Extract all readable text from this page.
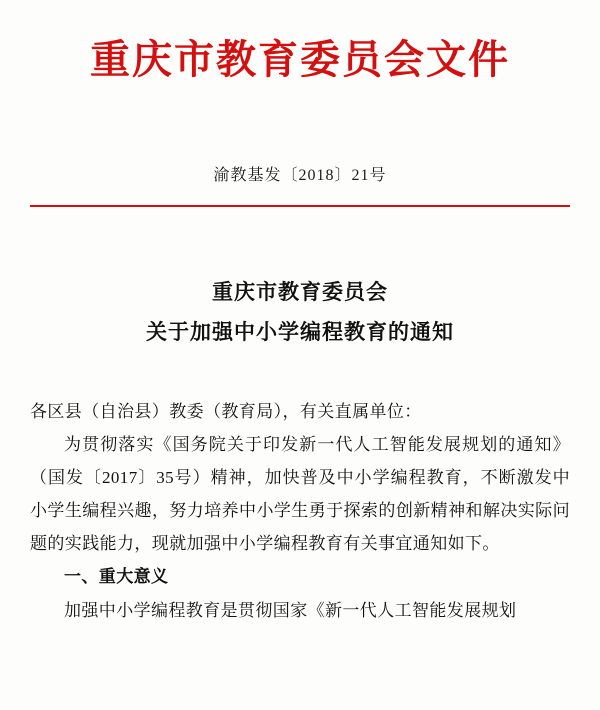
重庆市教育委员会文件
渝教基发〔2018〕21号
重庆市教育委员会
关于加强中小学编程教育的通知

各区县（自治县）教委（教育局），有关直属单位：

为贯彻落实《国务院关于印发新一代人工智能发展规划的通知》（国发〔2017〕35号）精神，加快普及中小学编程教育，不断激发中小学生编程兴趣，努力培养中小学生勇于探索的创新精神和解决实际问题的实践能力，现就加强中小学编程教育有关事宜通知如下。

一、重大意义

加强中小学编程教育是贯彻国家《新一代人工智能发展规划
